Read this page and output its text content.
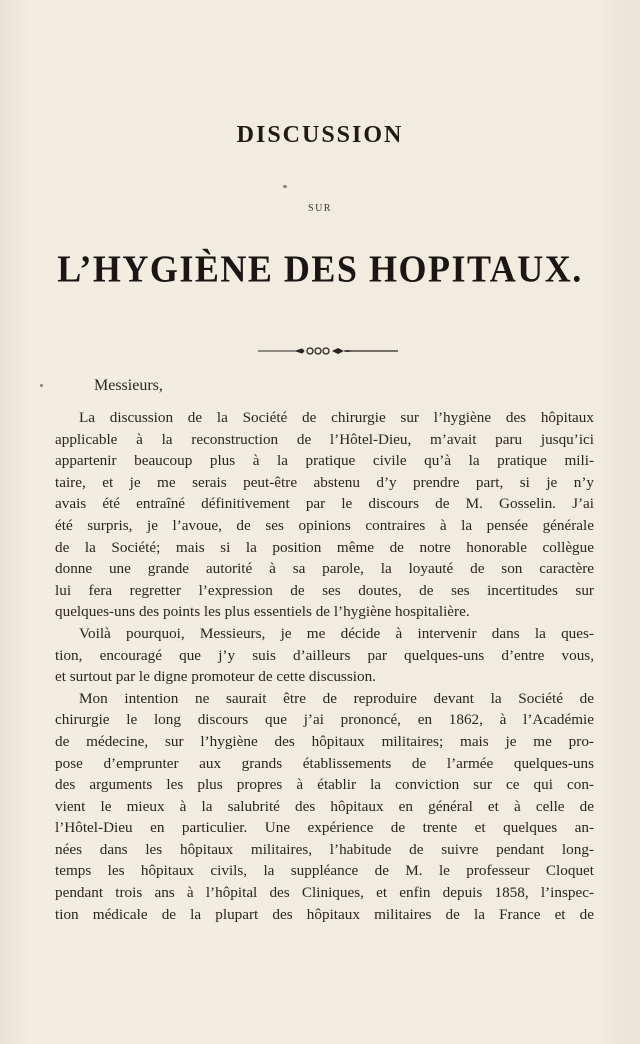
DISCUSSION
SUR
L’HYGIÈNE DES HOPITAUX.
Messieurs,
La discussion de la Société de chirurgie sur l’hygiène des hôpitaux
applicable à la reconstruction de l’Hôtel-Dieu, m’avait paru jusqu’ici
appartenir beaucoup plus à la pratique civile qu’à la pratique mili-
taire, et je me serais peut-être abstenu d’y prendre part, si je n’y
avais été entraîné définitivement par le discours de M. Gosselin. J’ai
été surpris, je l’avoue, de ses opinions contraires à la pensée générale
de la Société; mais si la position même de notre honorable collègue
donne une grande autorité à sa parole, la loyauté de son caractère
lui fera regretter l’expression de ses doutes, de ses incertitudes sur
quelques-uns des points les plus essentiels de l’hygiène hospitalière.
Voilà pourquoi, Messieurs, je me décide à intervenir dans la ques-
tion, encouragé que j’y suis d’ailleurs par quelques-uns d’entre vous,
et surtout par le digne promoteur de cette discussion.
Mon intention ne saurait être de reproduire devant la Société de
chirurgie le long discours que j’ai prononcé, en 1862, à l’Académie
de médecine, sur l’hygiène des hôpitaux militaires; mais je me pro-
pose d’emprunter aux grands établissements de l’armée quelques-uns
des arguments les plus propres à établir la conviction sur ce qui con-
vient le mieux à la salubrité des hôpitaux en général et à celle de
l’Hôtel-Dieu en particulier. Une expérience de trente et quelques an-
nées dans les hôpitaux militaires, l’habitude de suivre pendant long-
temps les hôpitaux civils, la suppléance de M. le professeur Cloquet
pendant trois ans à l’hôpital des Cliniques, et enfin depuis 1858, l’inspec-
tion médicale de la plupart des hôpitaux militaires de la France et de
